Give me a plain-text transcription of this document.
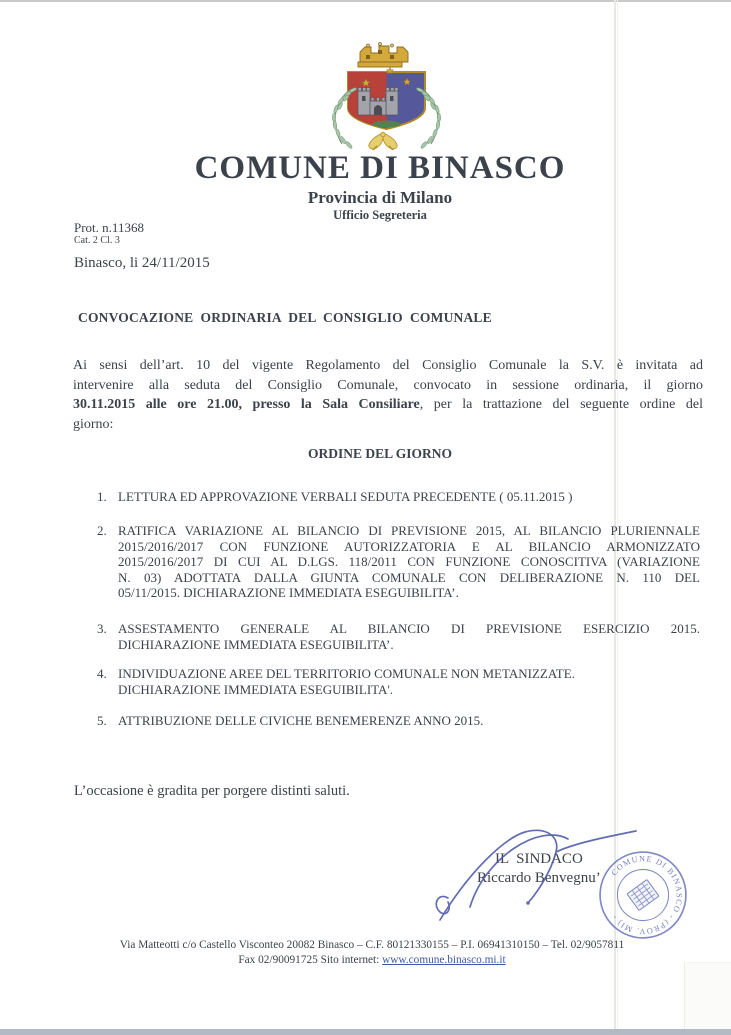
COMUNE DI BINASCO
Provincia di Milano
Ufficio Segreteria
Prot. n.11368
Cat. 2 Cl. 3
Binasco, li 24/11/2015
CONVOCAZIONE  ORDINARIA  DEL  CONSIGLIO  COMUNALE
Ai sensi dell’art. 10 del vigente Regolamento del Consiglio Comunale la S.V. è invitata ad
intervenire alla seduta del Consiglio Comunale, convocato in sessione ordinaria, il giorno
30.11.2015 alle ore 21.00, presso la Sala Consiliare, per la trattazione del seguente ordine del
giorno:
ORDINE DEL GIORNO
1. LETTURA ED APPROVAZIONE VERBALI SEDUTA PRECEDENTE ( 05.11.2015 )
2. RATIFICA VARIAZIONE AL BILANCIO DI PREVISIONE 2015, AL BILANCIO PLURIENNALE
2015/2016/2017 CON FUNZIONE AUTORIZZATORIA E AL BILANCIO ARMONIZZATO
2015/2016/2017 DI CUI AL D.LGS. 118/2011 CON FUNZIONE CONOSCITIVA (VARIAZIONE
N. 03) ADOTTATA DALLA GIUNTA COMUNALE CON DELIBERAZIONE N. 110 DEL
05/11/2015. DICHIARAZIONE IMMEDIATA ESEGUIBILITA’.
3. ASSESTAMENTO GENERALE AL BILANCIO DI PREVISIONE ESERCIZIO 2015.
DICHIARAZIONE IMMEDIATA ESEGUIBILITA’.
4. INDIVIDUAZIONE AREE DEL TERRITORIO COMUNALE NON METANIZZATE.
DICHIARAZIONE IMMEDIATA ESEGUIBILITA'.
5. ATTRIBUZIONE DELLE CIVICHE BENEMERENZE ANNO 2015.
L’occasione è gradita per porgere distinti saluti.
IL  SINDACO
Riccardo Benvegnu’	COMUNE DI BINASCO - (PROV. MI) -
Via Matteotti c/o Castello Visconteo 20082 Binasco – C.F. 80121330155 – P.I. 06941310150 – Tel. 02/9057811
Fax 02/90091725 Sito internet: www.comune.binasco.mi.it
